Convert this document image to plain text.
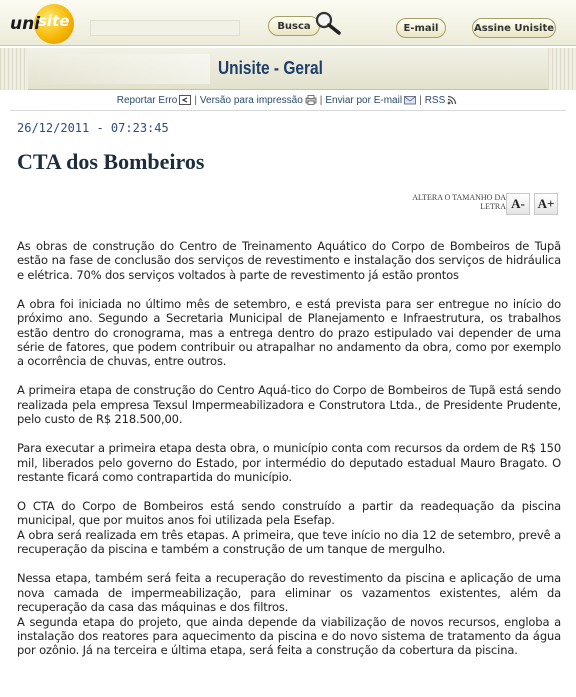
uni
site	Busca	E-mail	Assine Unisite
Unisite - Geral
Reportar Erro | Versão para impressão | Enviar por E-mail | RSS
26/12/2011 - 07:23:45
CTA dos Bombeiros
ALTERA O TAMANHO DA LETRA A- A+

As obras de construção do Centro de Treinamento Aquático do Corpo de Bombeiros de Tupã estão na fase de conclusão dos serviços de revestimento e instalação dos serviços de hidráulica e elétrica. 70% dos serviços voltados à parte de revestimento já estão prontos

A obra foi iniciada no último mês de setembro, e está prevista para ser entregue no início do próximo ano. Segundo a Secretaria Municipal de Planejamento e Infraestrutura, os trabalhos estão dentro do cronograma, mas a entrega dentro do prazo estipulado vai depender de uma série de fatores, que podem contribuir ou atrapalhar no andamento da obra, como por exemplo a ocorrência de chuvas, entre outros.

A primeira etapa de construção do Centro Aquá-tico do Corpo de Bombeiros de Tupã está sendo realizada pela empresa Texsul Impermeabilizadora e Construtora Ltda., de Presidente Prudente, pelo custo de R$ 218.500,00.

Para executar a primeira etapa desta obra, o município conta com recursos da ordem de R$ 150 mil, liberados pelo governo do Estado, por intermédio do deputado estadual Mauro Bragato. O restante ficará como contrapartida do município.

O CTA do Corpo de Bombeiros está sendo construído a partir da readequação da piscina municipal, que por muitos anos foi utilizada pela Esefap.

A obra será realizada em três etapas. A primeira, que teve início no dia 12 de setembro, prevê a recuperação da piscina e também a construção de um tanque de mergulho.

Nessa etapa, também será feita a recuperação do revestimento da piscina e aplicação de uma nova camada de impermeabilização, para eliminar os vazamentos existentes, além da recuperação da casa das máquinas e dos filtros.

A segunda etapa do projeto, que ainda depende da viabilização de novos recursos, engloba a instalação dos reatores para aquecimento da piscina e do novo sistema de tratamento da água por ozônio. Já na terceira e última etapa, será feita a construção da cobertura da piscina.
